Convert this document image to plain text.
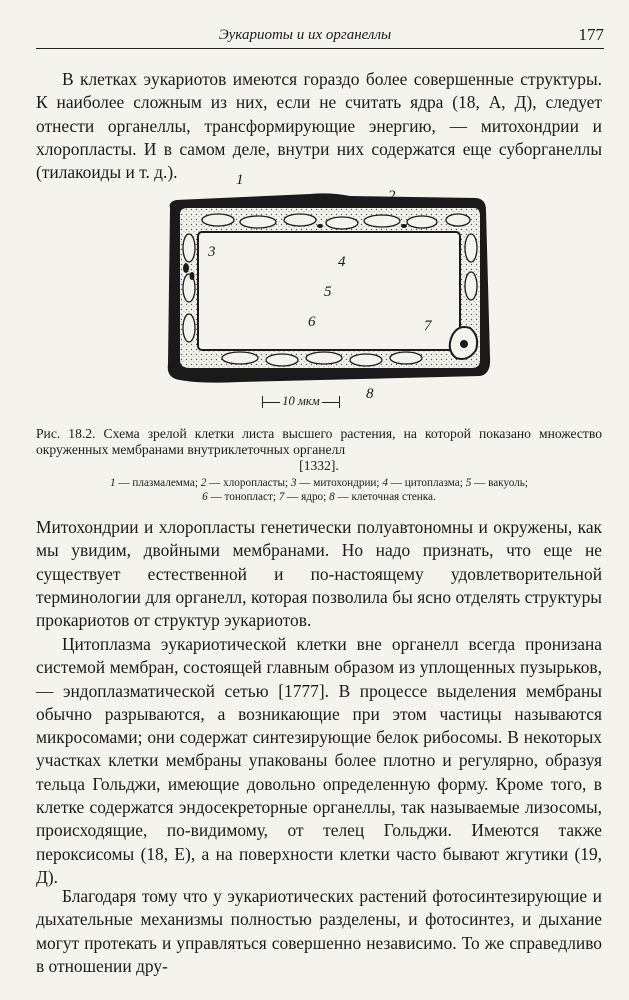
Эукариоты и их органеллы	177

В клетках эукариотов имеются гораздо более совершенные структуры. К наиболее сложным из них, если не считать ядра (18, А, Д), следует отнести органеллы, трансформирующие энергию, — митохондрии и хлоропласты. И в самом деле, внутри них содержатся еще суборганеллы (тилакоиды и т. д.).	1
2
3
4
5
6	7
8
10 мкм

Рис. 18.2. Схема зрелой клетки листа высшего растения, на которой показано множество окруженных мембранами внутриклеточных органелл
[1332].

1 — плазмалемма; 2 — хлоропласты; 3 — митохондрии; 4 — цитоплазма; 5 — вакуоль;
6 — тонопласт; 7 — ядро; 8 — клеточная стенка.

Митохондрии и хлоропласты генетически полуавтономны и окружены, как мы увидим, двойными мембранами. Но надо признать, что еще не существует естественной и по-настоящему удовлетворительной терминологии для органелл, которая позволила бы ясно отделять структуры прокариотов от структур эукариотов.

Цитоплазма эукариотической клетки вне органелл всегда пронизана системой мембран, состоящей главным образом из уплощенных пузырьков, — эндоплазматической сетью [1777]. В процессе выделения мембраны обычно разрываются, а возникающие при этом частицы называются микросомами; они содержат синтезирующие белок рибосомы. В некоторых участках клетки мембраны упакованы более плотно и регулярно, образуя тельца Гольджи, имеющие довольно определенную форму. Кроме того, в клетке содержатся эндосекреторные органеллы, так называемые лизосомы, происходящие, по-видимому, от телец Гольджи. Имеются также пероксисомы (18, Е), а на поверхности клетки часто бывают жгутики (19, Д).

Благодаря тому что у эукариотических растений фотосинтезирующие и дыхательные механизмы полностью разделены, и фотосинтез, и дыхание могут протекать и управляться совершенно независимо. То же справедливо в отношении дру-
